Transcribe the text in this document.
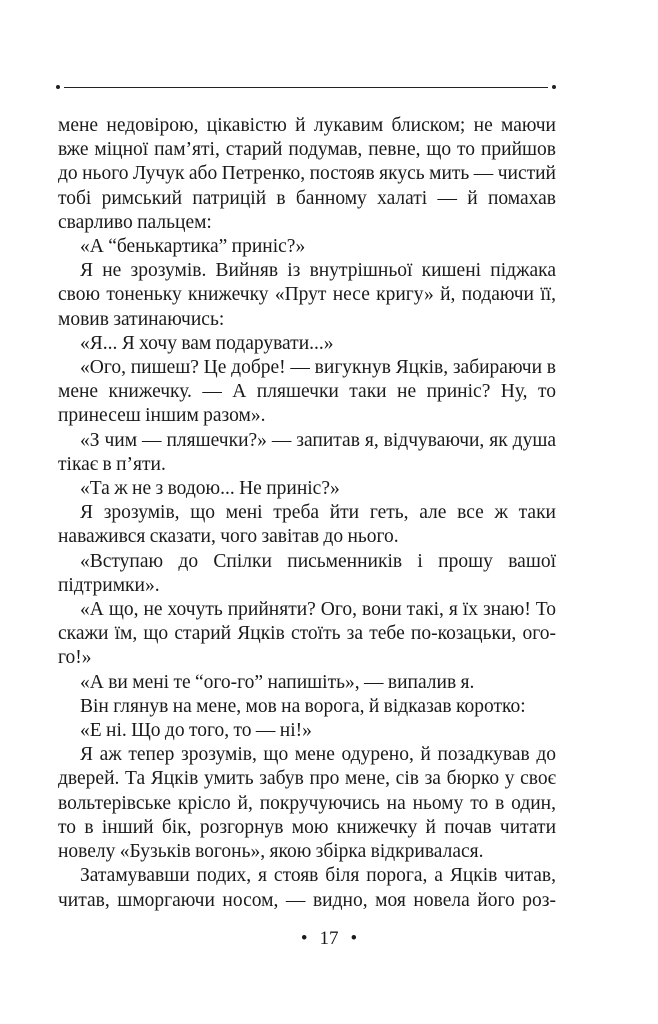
мене недовірою, цікавістю й лукавим блиском; не маючи вже міцної пам’яті, старий подумав, певне, що то прийшов до нього Лучук або Петренко, постояв якусь мить — чистий тобі римський патрицій в банному халаті — й помахав сварливо пальцем:

«А “бенькартика” приніс?»

Я не зрозумів. Вийняв із внутрішньої кишені піджака свою тоненьку книжечку «Прут несе кригу» й, подаючи її, мовив затинаючись:

«Я... Я хочу вам подарувати...»

«Ого, пишеш? Це добре! — вигукнув Яцків, забираючи в мене книжечку. — А пляшечки таки не приніс? Ну, то принесеш іншим разом».

«З чим — пляшечки?» — запитав я, відчуваючи, як душа тікає в п’яти.

«Та ж не з водою... Не приніс?»

Я зрозумів, що мені треба йти геть, але все ж таки наважився сказати, чого завітав до нього.

«Вступаю до Спілки письменників і прошу вашої підтримки».

«А що, не хочуть прийняти? Ого, вони такі, я їх знаю! То скажи їм, що старий Яцків стоїть за тебе по-козацьки, ого-го!»

«А ви мені те “ого-го” напишіть», — випалив я.

Він глянув на мене, мов на ворога, й відказав коротко:

«Е ні. Що до того, то — ні!»

Я аж тепер зрозумів, що мене одурено, й позадкував до дверей. Та Яцків умить забув про мене, сів за бюрко у своє вольтерівське крісло й, покручуючись на ньому то в один, то в інший бік, розгорнув мою книжечку й почав читати новелу «Бузьків вогонь», якою збірка відкривалася.

Затамувавши подих, я стояв біля порога, а Яцків читав, читав, шморгаючи носом, — видно, моя новела його роз-

• 17 •
